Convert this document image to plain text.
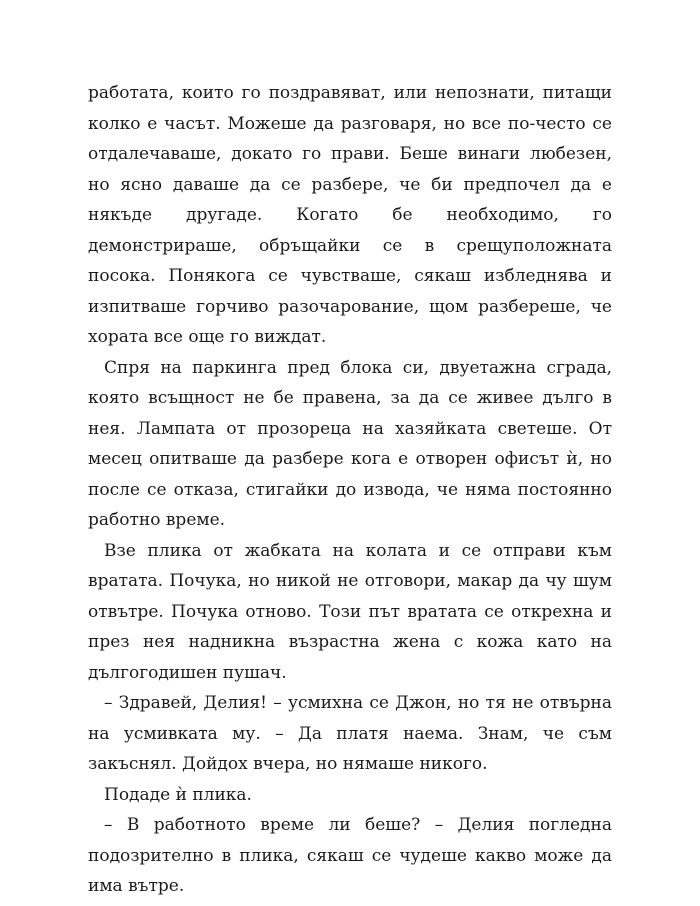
работата, които го поздравяват, или непознати, питащи колко е часът. Можеше да разговаря, но все по-често се отдалечаваше, докато го прави. Беше винаги любезен, но ясно даваше да се разбере, че би предпочел да е някъде другаде. Когато бе необходимо, го демонстрираше, обръщайки се в срещуположната посока. Понякога се чувстваше, сякаш избледнява и изпитваше горчиво разочарование, щом разбереше, че хората все още го виждат.

Спря на паркинга пред блока си, двуетажна сграда, която всъщност не бе правена, за да се живее дълго в нея. Лампата от прозореца на хазяйката светеше. От месец опитваше да разбере кога е отворен офисът ѝ, но после се отказа, стигайки до извода, че няма постоянно работно време.

Взе плика от жабката на колата и се отправи към вратата. Почука, но никой не отговори, макар да чу шум отвътре. Почука отново. Този път вратата се открехна и през нея надникна възрастна жена с кожа като на дългогодишен пушач.

– Здравей, Делия! – усмихна се Джон, но тя не отвърна на усмивката му. – Да платя наема. Знам, че съм закъснял. Дойдох вчера, но нямаше никого.

Подаде ѝ плика.

– В работното време ли беше? – Делия погледна подозрително в плика, сякаш се чудеше какво може да има вътре.
